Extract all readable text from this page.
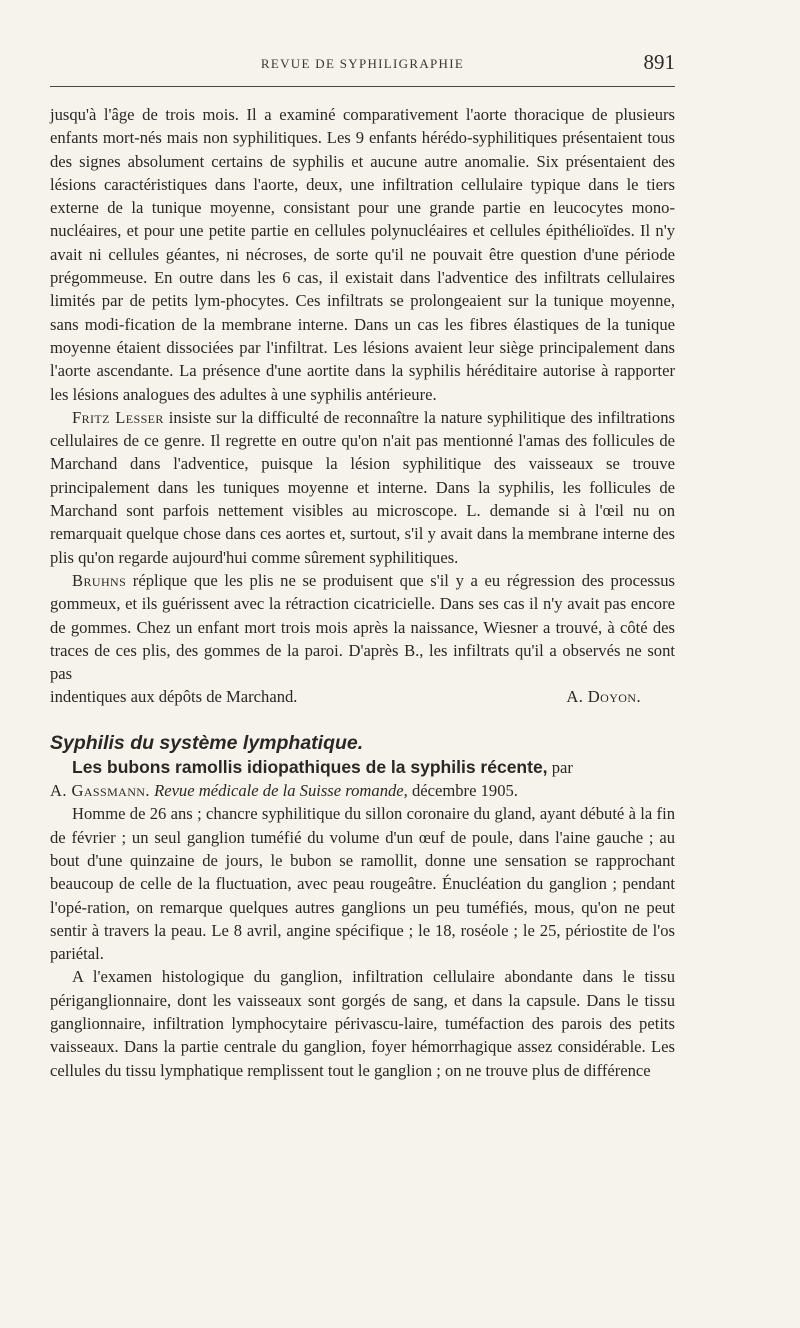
REVUE DE SYPHILIGRAPHIE	891

jusqu'à l'âge de trois mois. Il a examiné comparativement l'aorte thoracique de plusieurs enfants mort-nés mais non syphilitiques. Les 9 enfants hérédo-syphilitiques présentaient tous des signes absolument certains de syphilis et aucune autre anomalie. Six présentaient des lésions caractéristiques dans l'aorte, deux, une infiltration cellulaire typique dans le tiers externe de la tunique moyenne, consistant pour une grande partie en leucocytes mono-nucléaires, et pour une petite partie en cellules polynucléaires et cellules épithélioïdes. Il n'y avait ni cellules géantes, ni nécroses, de sorte qu'il ne pouvait être question d'une période prégommeuse. En outre dans les 6 cas, il existait dans l'adventice des infiltrats cellulaires limités par de petits lym-phocytes. Ces infiltrats se prolongeaient sur la tunique moyenne, sans modi-fication de la membrane interne. Dans un cas les fibres élastiques de la tunique moyenne étaient dissociées par l'infiltrat. Les lésions avaient leur siège principalement dans l'aorte ascendante. La présence d'une aortite dans la syphilis héréditaire autorise à rapporter les lésions analogues des adultes à une syphilis antérieure.

Fritz Lesser insiste sur la difficulté de reconnaître la nature syphilitique des infiltrations cellulaires de ce genre. Il regrette en outre qu'on n'ait pas mentionné l'amas des follicules de Marchand dans l'adventice, puisque la lésion syphilitique des vaisseaux se trouve principalement dans les tuniques moyenne et interne. Dans la syphilis, les follicules de Marchand sont parfois nettement visibles au microscope. L. demande si à l'œil nu on remarquait quelque chose dans ces aortes et, surtout, s'il y avait dans la membrane interne des plis qu'on regarde aujourd'hui comme sûrement syphilitiques.

Bruhns réplique que les plis ne se produisent que s'il y a eu régression des processus gommeux, et ils guérissent avec la rétraction cicatricielle. Dans ses cas il n'y avait pas encore de gommes. Chez un enfant mort trois mois après la naissance, Wiesner a trouvé, à côté des traces de ces plis, des gommes de la paroi. D'après B., les infiltrats qu'il a observés ne sont pas

indentiques aux dépôts de Marchand.	A. Doyon.
Syphilis du système lymphatique.

Les bubons ramollis idiopathiques de la syphilis récente, par
A. Gassmann. Revue médicale de la Suisse romande, décembre 1905.

Homme de 26 ans ; chancre syphilitique du sillon coronaire du gland, ayant débuté à la fin de février ; un seul ganglion tuméfié du volume d'un œuf de poule, dans l'aine gauche ; au bout d'une quinzaine de jours, le bubon se ramollit, donne une sensation se rapprochant beaucoup de celle de la fluctuation, avec peau rougeâtre. Énucléation du ganglion ; pendant l'opé-ration, on remarque quelques autres ganglions un peu tuméfiés, mous, qu'on ne peut sentir à travers la peau. Le 8 avril, angine spécifique ; le 18, roséole ; le 25, périostite de l'os pariétal.

A l'examen histologique du ganglion, infiltration cellulaire abondante dans le tissu périganglionnaire, dont les vaisseaux sont gorgés de sang, et dans la capsule. Dans le tissu ganglionnaire, infiltration lymphocytaire périvascu-laire, tuméfaction des parois des petits vaisseaux. Dans la partie centrale du ganglion, foyer hémorrhagique assez considérable. Les cellules du tissu lymphatique remplissent tout le ganglion ; on ne trouve plus de différence
